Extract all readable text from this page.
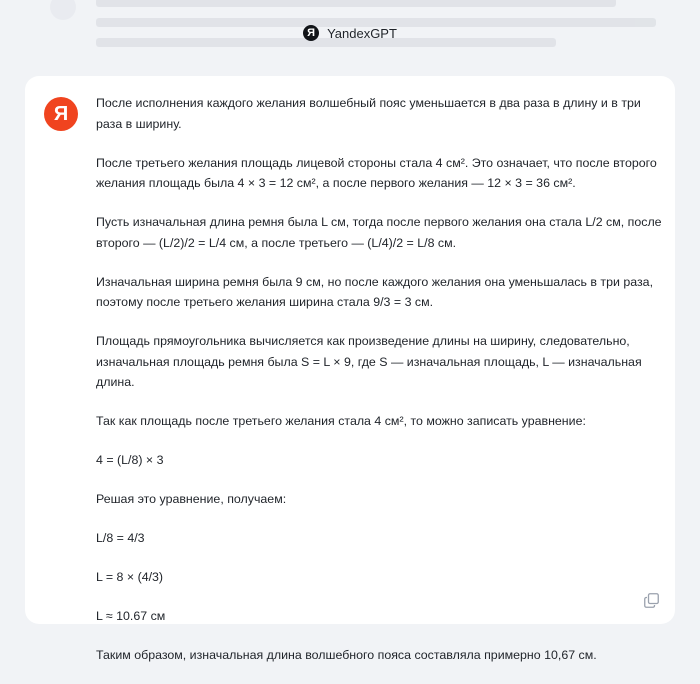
Я YandexGPT
Я	После исполнения каждого желания волшебный пояс уменьшается в два раза в длину и в три раза в ширину.

После третьего желания площадь лицевой стороны стала 4 см². Это означает, что после второго желания площадь была 4 × 3 = 12 см², а после первого желания — 12 × 3 = 36 см².

Пусть изначальная длина ремня была L см, тогда после первого желания она стала L/2 см, после второго — (L/2)/2 = L/4 см, а после третьего — (L/4)/2 = L/8 см.

Изначальная ширина ремня была 9 см, но после каждого желания она уменьшалась в три раза, поэтому после третьего желания ширина стала 9/3 = 3 см.

Площадь прямоугольника вычисляется как произведение длины на ширину, следовательно, изначальная площадь ремня была S = L × 9, где S — изначальная площадь, L — изначальная длина.

Так как площадь после третьего желания стала 4 см², то можно записать уравнение:

4 = (L/8) × 3

Решая это уравнение, получаем:

L/8 = 4/3

L = 8 × (4/3)

L ≈ 10.67 см

Таким образом, изначальная длина волшебного пояса составляла примерно 10,67 см.
